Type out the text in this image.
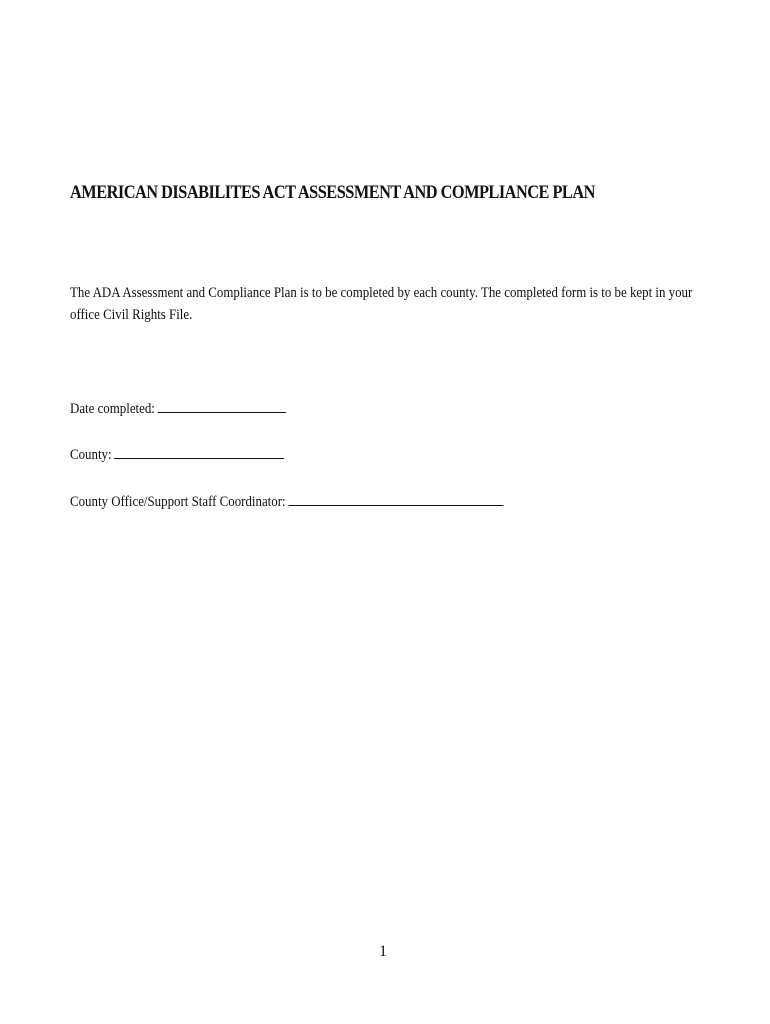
AMERICAN DISABILITES ACT ASSESSMENT AND COMPLIANCE PLAN

The ADA Assessment and Compliance Plan is to be completed by each county. The completed form is to be kept in your office Civil Rights File.

Date completed:

County:

County Office/Support Staff Coordinator:

1
